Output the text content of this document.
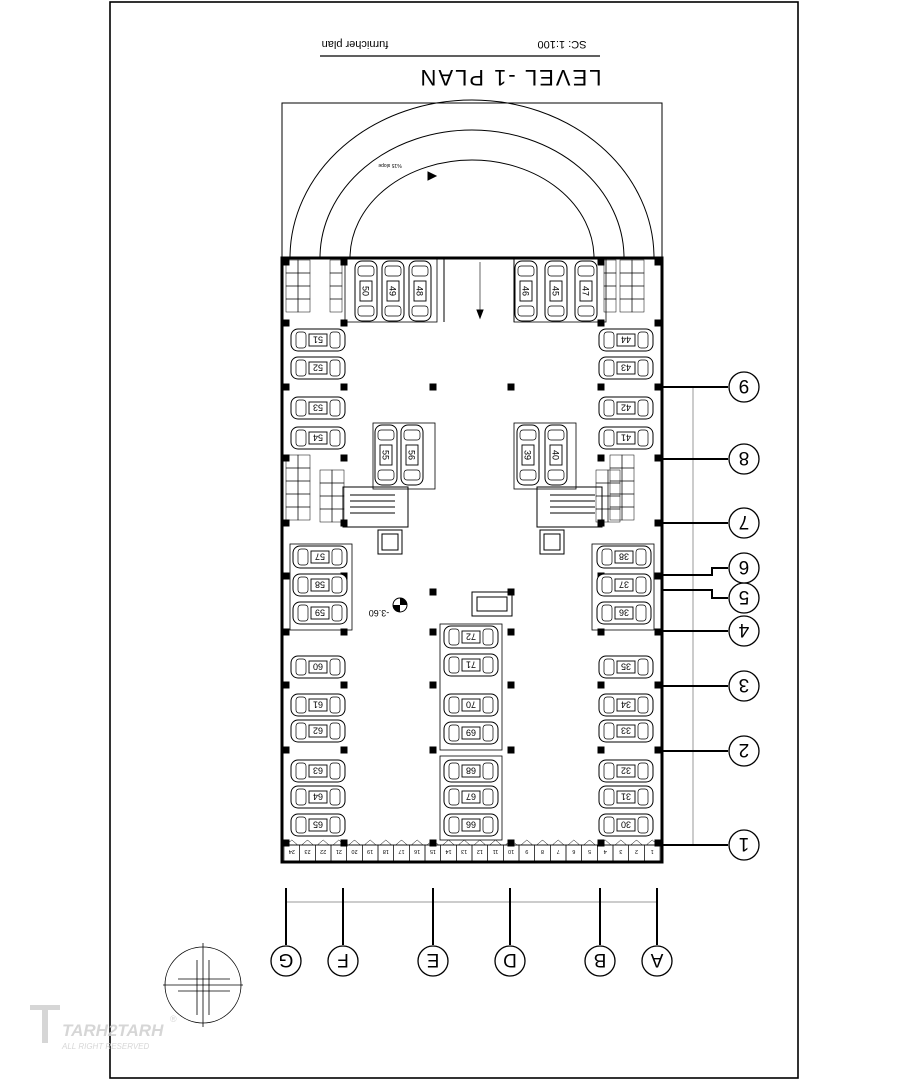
LEVEL -1 PLAN
furnicher plan	SC: 1:100
%15 slope
-3.60
45
46	47
48
49
50
55 56	39 40
51
52
53
54
44
43
42
41
57
58
59
38
37
36
60
61
62
63
64
65
35
34
33
32
31
30
72
71
70
69
68
67
66
24 23 22 21 20 19 18 17 16 15 14 13 12 11 10 9 8 7 6 5 4 3 2 1
G F	E	D	B A
1
2
3
4
5
6
7
8
9
TARH2TARH
®
ALL RIGHT RESERVED
